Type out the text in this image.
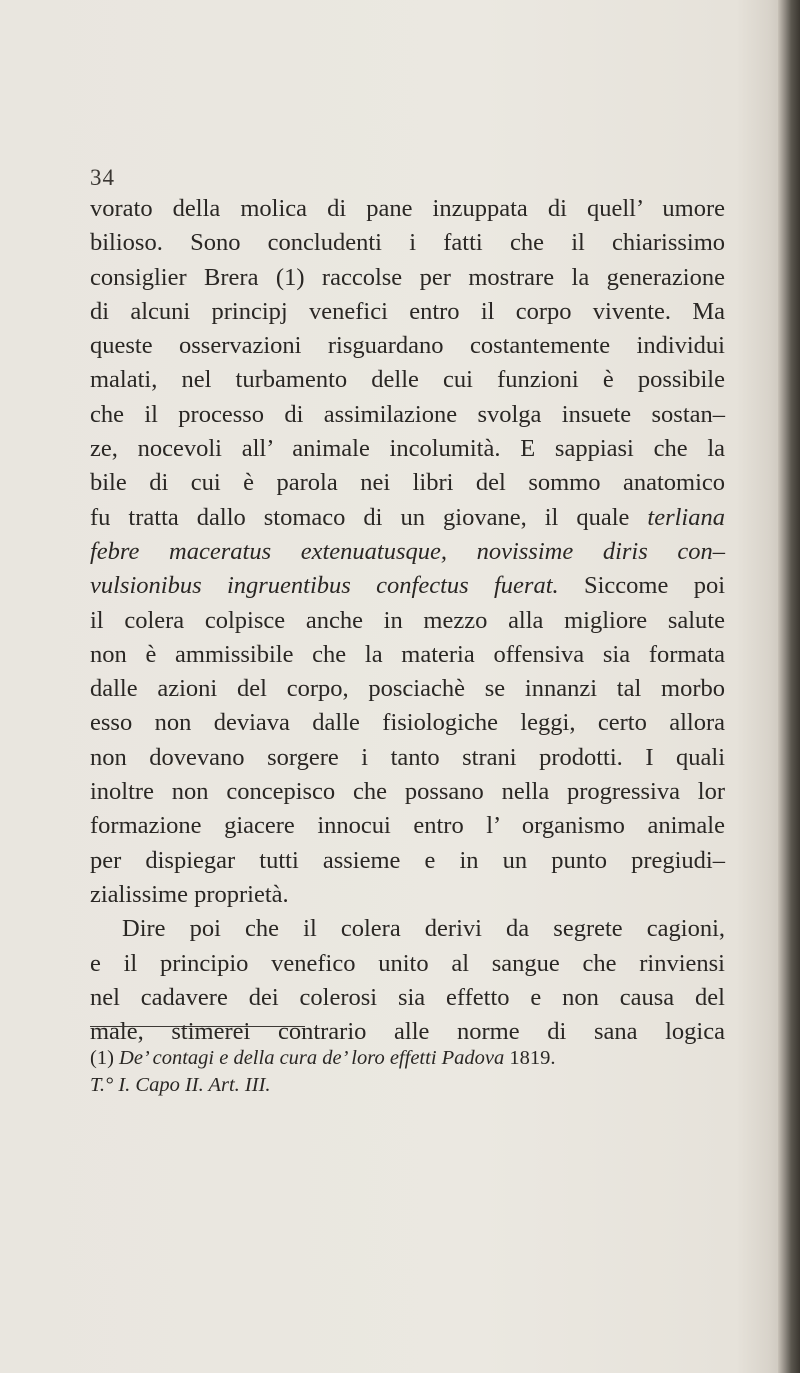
34
vorato della molica di pane inzuppata di quell’ umore
bilioso. Sono concludenti i fatti che il chiarissimo
consiglier Brera (1) raccolse per mostrare la generazione
di alcuni principj venefici entro il corpo vivente. Ma
queste osservazioni risguardano costantemente individui
malati, nel turbamento delle cui funzioni è possibile
che il processo di assimilazione svolga insuete sostan–
ze, nocevoli all’ animale incolumità. E sappiasi che la
bile di cui è parola nei libri del sommo anatomico
fu tratta dallo stomaco di un giovane, il quale terliana
febre maceratus extenuatusque, novissime diris con–
vulsionibus ingruentibus confectus fuerat. Siccome poi
il colera colpisce anche in mezzo alla migliore salute
non è ammissibile che la materia offensiva sia formata
dalle azioni del corpo, posciachè se innanzi tal morbo
esso non deviava dalle fisiologiche leggi, certo allora
non dovevano sorgere i tanto strani prodotti. I quali
inoltre non concepisco che possano nella progressiva lor
formazione giacere innocui entro l’ organismo animale
per dispiegar tutti assieme e in un punto pregiudi–
zialissime proprietà.
Dire poi che il colera derivi da segrete cagioni,
e il principio venefico unito al sangue che rinviensi
nel cadavere dei colerosi sia effetto e non causa del
male, stimerei contrario alle norme di sana logica
(1) De’ contagi e della cura de’ loro effetti Padova 1819.
T.° I. Capo II. Art. III.
